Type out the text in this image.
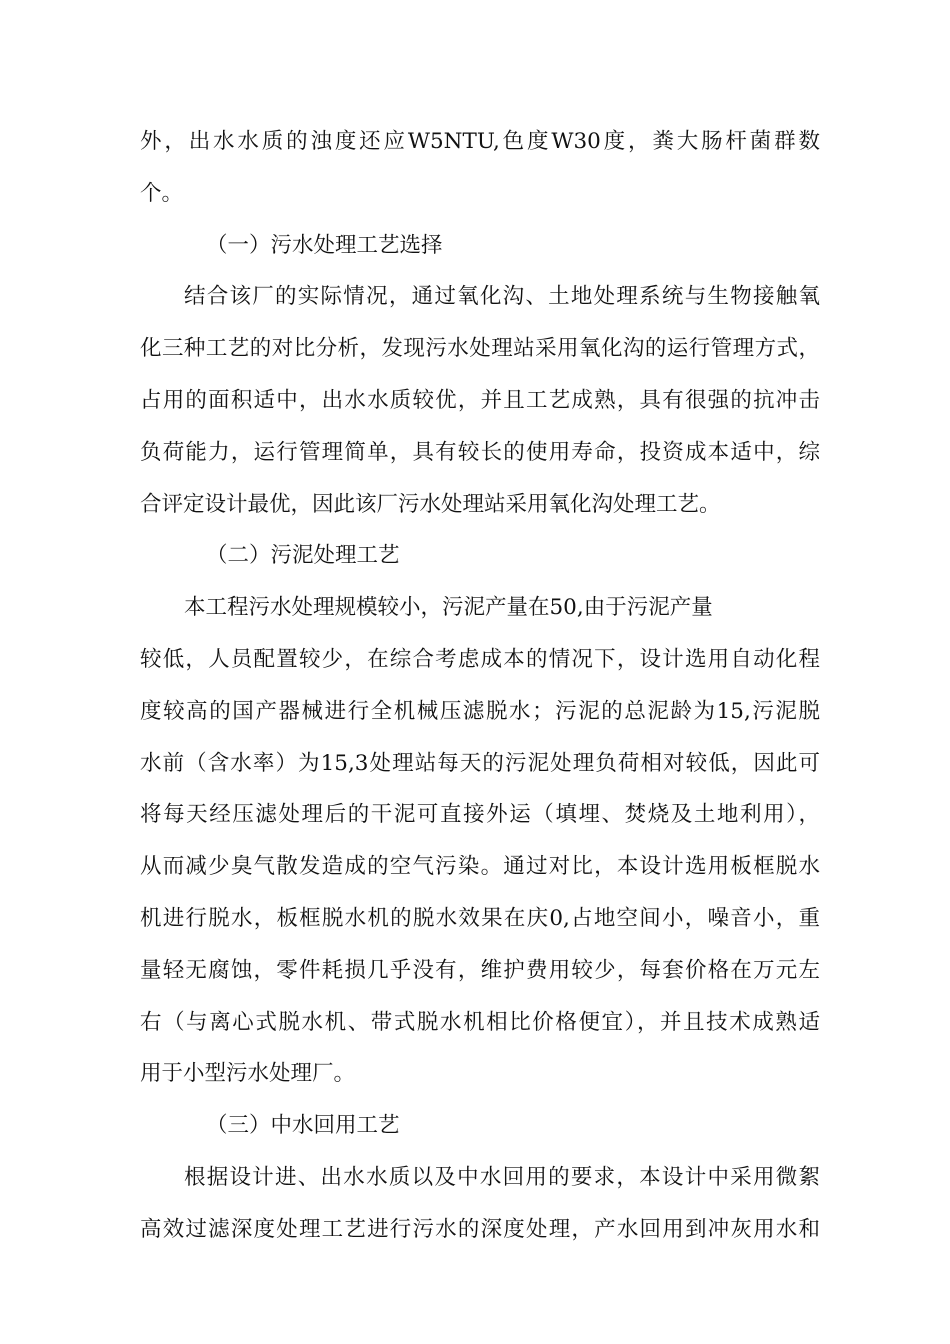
外，出水水质的浊度还应W5NTU,色度W30度，粪大肠杆菌群数
个。
（一）污水处理工艺选择
结合该厂的实际情况，通过氧化沟、土地处理系统与生物接触氧
化三种工艺的对比分析，发现污水处理站采用氧化沟的运行管理方式，
占用的面积适中，出水水质较优，并且工艺成熟，具有很强的抗冲击
负荷能力，运行管理简单，具有较长的使用寿命，投资成本适中，综
合评定设计最优，因此该厂污水处理站采用氧化沟处理工艺。
（二）污泥处理工艺
本工程污水处理规模较小，污泥产量在50,由于污泥产量
较低，人员配置较少，在综合考虑成本的情况下，设计选用自动化程
度较高的国产器械进行全机械压滤脱水；污泥的总泥龄为15,污泥脱
水前（含水率）为15,3处理站每天的污泥处理负荷相对较低，因此可
将每天经压滤处理后的干泥可直接外运（填埋、焚烧及土地利用），
从而减少臭气散发造成的空气污染。通过对比，本设计选用板框脱水
机进行脱水，板框脱水机的脱水效果在庆0,占地空间小，噪音小，重
量轻无腐蚀，零件耗损几乎没有，维护费用较少，每套价格在万元左
右（与离心式脱水机、带式脱水机相比价格便宜），并且技术成熟适
用于小型污水处理厂。
（三）中水回用工艺
根据设计进、出水水质以及中水回用的要求，本设计中采用微絮
高效过滤深度处理工艺进行污水的深度处理，产水回用到冲灰用水和
